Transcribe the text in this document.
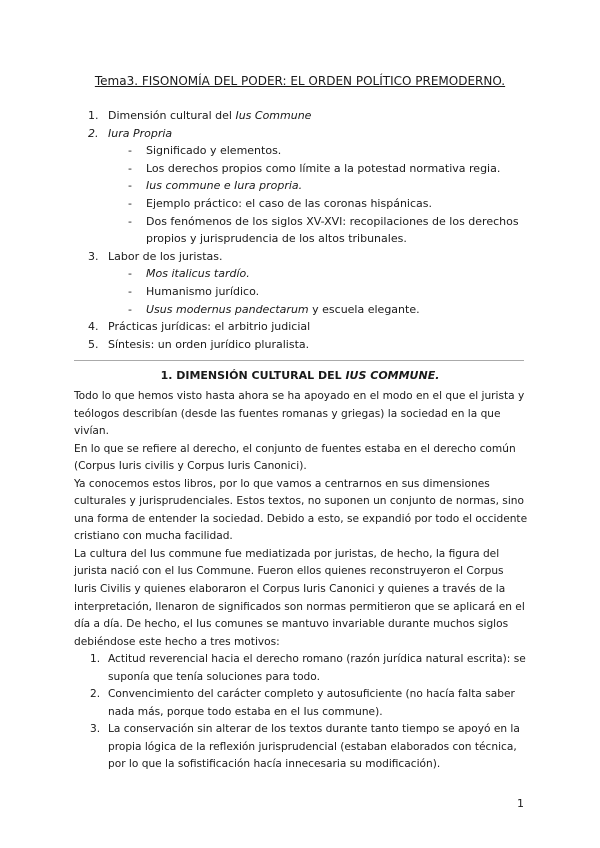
Tema3. FISONOMÍA DEL PODER: EL ORDEN POLÍTICO PREMODERNO.
1. Dimensión cultural del Ius Commune
2. Iura Propria
- Significado y elementos.
- Los derechos propios como límite a la potestad normativa regia.
- Ius commune e Iura propria.
- Ejemplo práctico: el caso de las coronas hispánicas.
- Dos fenómenos de los siglos XV-XVI: recopilaciones de los derechos propios y jurisprudencia de los altos tribunales.
3. Labor de los juristas.
- Mos italicus tardío.
- Humanismo jurídico.
- Usus modernus pandectarum y escuela elegante.
4. Prácticas jurídicas: el arbitrio judicial
5. Síntesis: un orden jurídico pluralista.
1. DIMENSIÓN CULTURAL DEL IUS COMMUNE.

Todo lo que hemos visto hasta ahora se ha apoyado en el modo en el que el jurista y teólogos describían (desde las fuentes romanas y griegas) la sociedad en la que vivían.

En lo que se refiere al derecho, el conjunto de fuentes estaba en el derecho común (Corpus Iuris civilis y Corpus Iuris Canonici).

Ya conocemos estos libros, por lo que vamos a centrarnos en sus dimensiones culturales y jurisprudenciales. Estos textos, no suponen un conjunto de normas, sino una forma de entender la sociedad. Debido a esto, se expandió por todo el occidente cristiano con mucha facilidad.

La cultura del Ius commune fue mediatizada por juristas, de hecho, la figura del jurista nació con el Ius Commune. Fueron ellos quienes reconstruyeron el Corpus Iuris Civilis y quienes elaboraron el Corpus Iuris Canonici y quienes a través de la interpretación, llenaron de significados son normas permitieron que se aplicará en el día a día. De hecho, el Ius comunes se mantuvo invariable durante muchos siglos debiéndose este hecho a tres motivos:

1. Actitud reverencial hacia el derecho romano (razón jurídica natural escrita): se suponía que tenía soluciones para todo.
2. Convencimiento del carácter completo y autosuficiente (no hacía falta saber nada más, porque todo estaba en el Ius commune).
3. La conservación sin alterar de los textos durante tanto tiempo se apoyó en la propia lógica de la reflexión jurisprudencial (estaban elaborados con técnica, por lo que la sofistificación hacía innecesaria su modificación).
1
